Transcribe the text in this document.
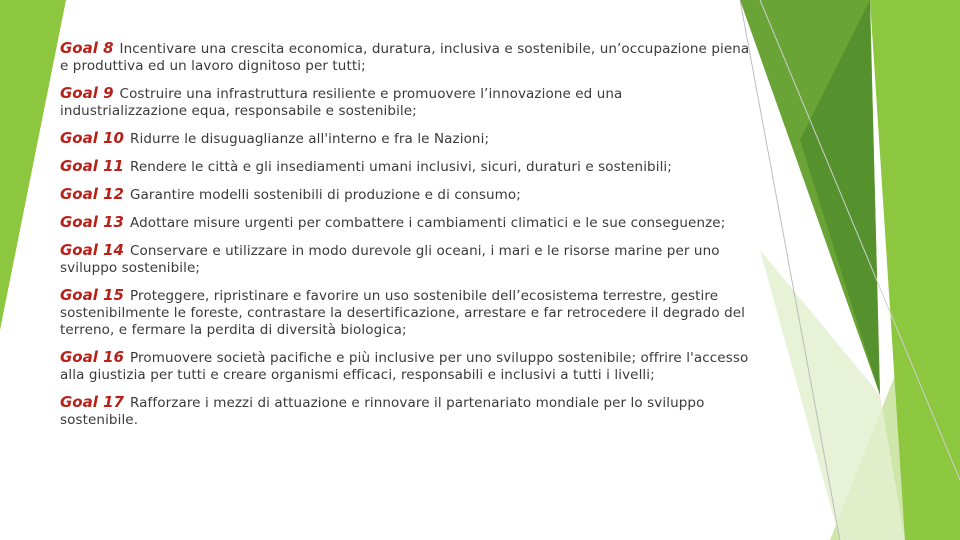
Goal 8 Incentivare una crescita economica, duratura, inclusiva e sostenibile, un’occupazione piena e produttiva ed un lavoro dignitoso per tutti;
Goal 9 Costruire una infrastruttura resiliente e promuovere l’innovazione ed una industrializzazione equa, responsabile e sostenibile;
Goal 10 Ridurre le disuguaglianze all'interno e fra le Nazioni;
Goal 11 Rendere le città e gli insediamenti umani inclusivi, sicuri, duraturi e sostenibili;
Goal 12 Garantire modelli sostenibili di produzione e di consumo;
Goal 13 Adottare misure urgenti per combattere i cambiamenti climatici e le sue conseguenze;
Goal 14 Conservare e utilizzare in modo durevole gli oceani, i mari e le risorse marine per uno sviluppo sostenibile;
Goal 15 Proteggere, ripristinare e favorire un uso sostenibile dell’ecosistema terrestre, gestire sostenibilmente le foreste, contrastare la desertificazione, arrestare e far retrocedere il degrado del terreno, e fermare la perdita di diversità biologica;
Goal 16 Promuovere società pacifiche e più inclusive per uno sviluppo sostenibile; offrire l'accesso alla giustizia per tutti e creare organismi efficaci, responsabili e inclusivi a tutti i livelli;
Goal 17 Rafforzare i mezzi di attuazione e rinnovare il partenariato mondiale per lo sviluppo sostenibile.
